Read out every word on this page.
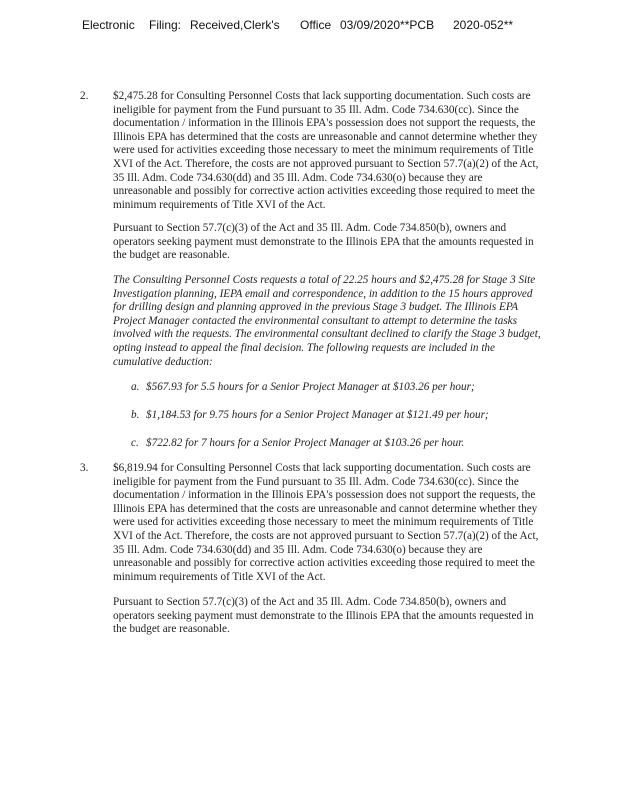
Electronic Filing: Received,Clerk's Office 03/09/2020**PCB 2020-052**
2. $2,475.28 for Consulting Personnel Costs that lack supporting documentation. Such costs are ineligible for payment from the Fund pursuant to 35 Ill. Adm. Code 734.630(cc). Since the documentation / information in the Illinois EPA's possession does not support the requests, the Illinois EPA has determined that the costs are unreasonable and cannot determine whether they were used for activities exceeding those necessary to meet the minimum requirements of Title XVI of the Act. Therefore, the costs are not approved pursuant to Section 57.7(a)(2) of the Act, 35 Ill. Adm. Code 734.630(dd) and 35 Ill. Adm. Code 734.630(o) because they are unreasonable and possibly for corrective action activities exceeding those required to meet the minimum requirements of Title XVI of the Act.

Pursuant to Section 57.7(c)(3) of the Act and 35 Ill. Adm. Code 734.850(b), owners and operators seeking payment must demonstrate to the Illinois EPA that the amounts requested in the budget are reasonable.

The Consulting Personnel Costs requests a total of 22.25 hours and $2,475.28 for Stage 3 Site Investigation planning, IEPA email and correspondence, in addition to the 15 hours approved for drilling design and planning approved in the previous Stage 3 budget. The Illinois EPA Project Manager contacted the environmental consultant to attempt to determine the tasks involved with the requests. The environmental consultant declined to clarify the Stage 3 budget, opting instead to appeal the final decision. The following requests are included in the cumulative deduction:

a. $567.93 for 5.5 hours for a Senior Project Manager at $103.26 per hour;

b. $1,184.53 for 9.75 hours for a Senior Project Manager at $121.49 per hour;

c. $722.82 for 7 hours for a Senior Project Manager at $103.26 per hour.

3. $6,819.94 for Consulting Personnel Costs that lack supporting documentation. Such costs are ineligible for payment from the Fund pursuant to 35 Ill. Adm. Code 734.630(cc). Since the documentation / information in the Illinois EPA's possession does not support the requests, the Illinois EPA has determined that the costs are unreasonable and cannot determine whether they were used for activities exceeding those necessary to meet the minimum requirements of Title XVI of the Act. Therefore, the costs are not approved pursuant to Section 57.7(a)(2) of the Act, 35 Ill. Adm. Code 734.630(dd) and 35 Ill. Adm. Code 734.630(o) because they are unreasonable and possibly for corrective action activities exceeding those required to meet the minimum requirements of Title XVI of the Act.

Pursuant to Section 57.7(c)(3) of the Act and 35 Ill. Adm. Code 734.850(b), owners and operators seeking payment must demonstrate to the Illinois EPA that the amounts requested in the budget are reasonable.
